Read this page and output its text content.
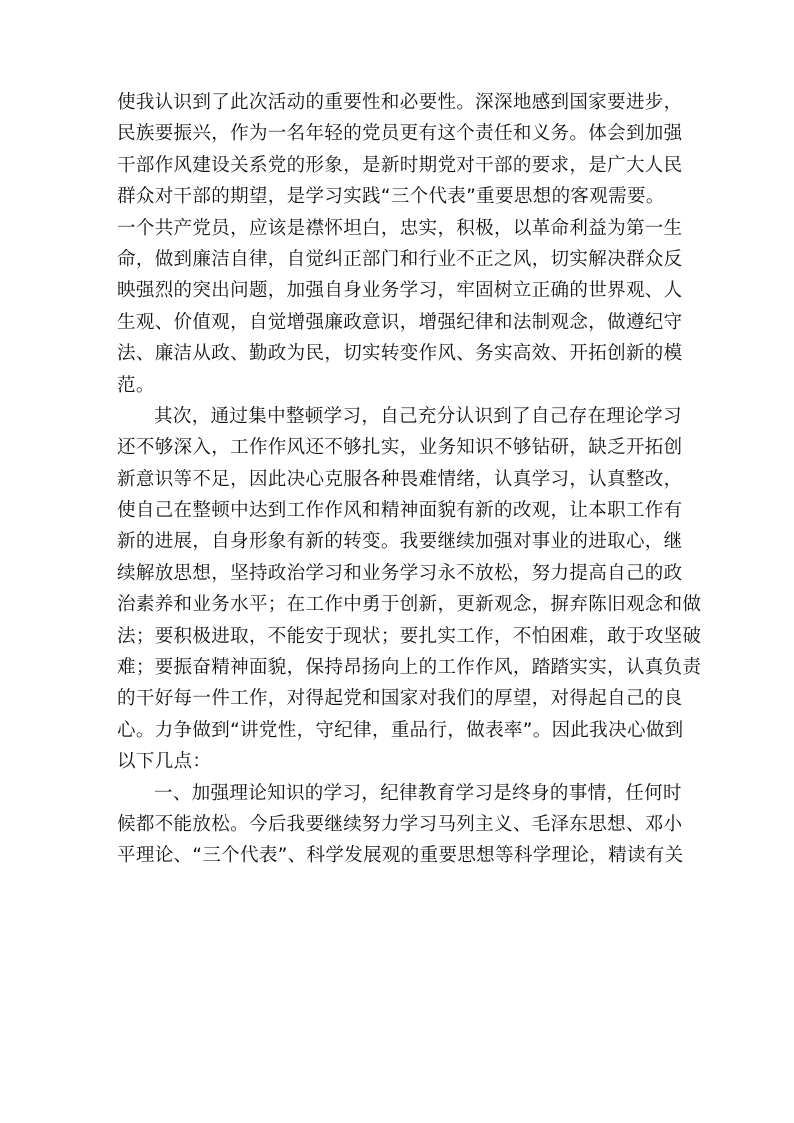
使我认识到了此次活动的重要性和必要性。深深地感到国家要进步，
民族要振兴，作为一名年轻的党员更有这个责任和义务。体会到加强
干部作风建设关系党的形象，是新时期党对干部的要求，是广大人民
群众对干部的期望，是学习实践“三个代表”重要思想的客观需要。
一个共产党员，应该是襟怀坦白，忠实，积极，以革命利益为第一生
命，做到廉洁自律，自觉纠正部门和行业不正之风，切实解决群众反
映强烈的突出问题，加强自身业务学习，牢固树立正确的世界观、人
生观、价值观，自觉增强廉政意识，增强纪律和法制观念，做遵纪守
法、廉洁从政、勤政为民，切实转变作风、务实高效、开拓创新的模
范。
其次，通过集中整顿学习，自己充分认识到了自己存在理论学习
还不够深入，工作作风还不够扎实，业务知识不够钻研，缺乏开拓创
新意识等不足，因此决心克服各种畏难情绪，认真学习，认真整改，
使自己在整顿中达到工作作风和精神面貌有新的改观，让本职工作有
新的进展，自身形象有新的转变。我要继续加强对事业的进取心，继
续解放思想，坚持政治学习和业务学习永不放松，努力提高自己的政
治素养和业务水平；在工作中勇于创新，更新观念，摒弃陈旧观念和做
法；要积极进取，不能安于现状；要扎实工作，不怕困难，敢于攻坚破
难；要振奋精神面貌，保持昂扬向上的工作作风，踏踏实实，认真负责
的干好每一件工作，对得起党和国家对我们的厚望，对得起自己的良
心。力争做到“讲党性，守纪律，重品行，做表率”。因此我决心做到
以下几点：
一、加强理论知识的学习，纪律教育学习是终身的事情，任何时
候都不能放松。今后我要继续努力学习马列主义、毛泽东思想、邓小
平理论、“三个代表”、科学发展观的重要思想等科学理论，精读有关
